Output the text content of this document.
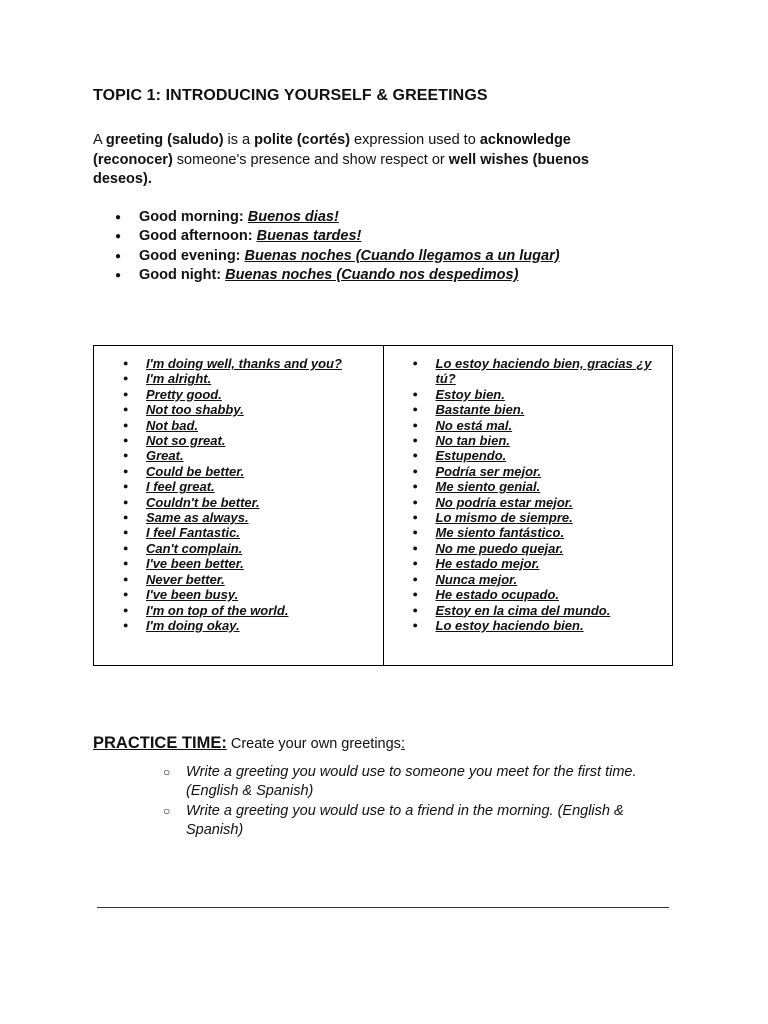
TOPIC 1: INTRODUCING YOURSELF & GREETINGS

A greeting (saludo) is a polite (cortés) expression used to acknowledge (reconocer) someone's presence and show respect or well wishes (buenos deseos).

● Good morning: Buenos dias!
● Good afternoon: Buenas tardes!
● Good evening: Buenas noches (Cuando llegamos a un lugar)
● Good night: Buenas noches (Cuando nos despedimos)
● I'm doing well, thanks and you?
● I'm alright.
● Pretty good.
● Not too shabby.
● Not bad.
● Not so great.
● Great.
● Could be better.
● I feel great.
● Couldn't be better.
● Same as always.
● I feel Fantastic.
● Can't complain.
● I've been better.
● Never better.
● I've been busy.
● I'm on top of the world.
● I'm doing okay.
● Lo estoy haciendo bien, gracias ¿y tú?
● Estoy bien.
● Bastante bien.
● No está mal.
● No tan bien.
● Estupendo.
● Podría ser mejor.
● Me siento genial.
● No podría estar mejor.
● Lo mismo de siempre.
● Me siento fantástico.
● No me puedo quejar.
● He estado mejor.
● Nunca mejor.
● He estado ocupado.
● Estoy en la cima del mundo.
● Lo estoy haciendo bien.
PRACTICE TIME: Create your own greetings:
○ Write a greeting you would use to someone you meet for the first time. (English & Spanish)
○ Write a greeting you would use to a friend in the morning. (English & Spanish)
